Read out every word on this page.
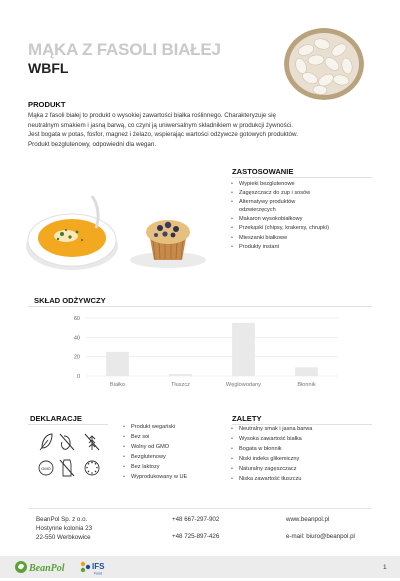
MĄKA Z FASOLI BIAŁEJ
WBFL
PRODUKT
Mąka z fasoli białej to produkt o wysokiej zawartości białka roślinnego. Charakteryzuje się
neutralnym smakiem i jasną barwą, co czyni ją uniwersalnym składnikiem w produkcji żywności.
Jest bogata w potas, fosfor, magnez i żelazo, wspierając wartości odżywcze gotowych produktów.
Produkt bezglutenowy, odpowiedni dla wegan.
ZASTOSOWANIE
• Wypieki bezglutenowe
• Zagęszczacz do zup i sosów
• Alternatywy produktów odzwierzęcych
• Makaron wysokobiałkowy
• Przekąski (chipsy, krakersy, chrupki)
• Mieszanki białkowe
• Produkty instant
SKŁAD ODŻYWCZY
0
20
40
60
Białko	Tłuszcz	Węglowodany	Błonnik
DEKLARACJE
GMO
• Produkt wegański
• Bez soi
• Wolny od GMO
• Bezglutenowy
• Bez laktozy
• Wyprodukowany w UE
ZALETY
• Neutralny smak i jasna barwa
• Wysoka zawartość białka
• Bogata w błonnik
• Niski indeks glikemiczny
• Naturalny zagęszczacz
• Niska zawartość tłuszczu
BeanPol Sp. z o.o.
Hostynne kolonia 23
22-550 Werbkowice
+48 667-297-902
+48 725-897-426
www.beanpol.pl
e-mail: biuro@beanpol.pl
BeanPol	IFS
Food
1
